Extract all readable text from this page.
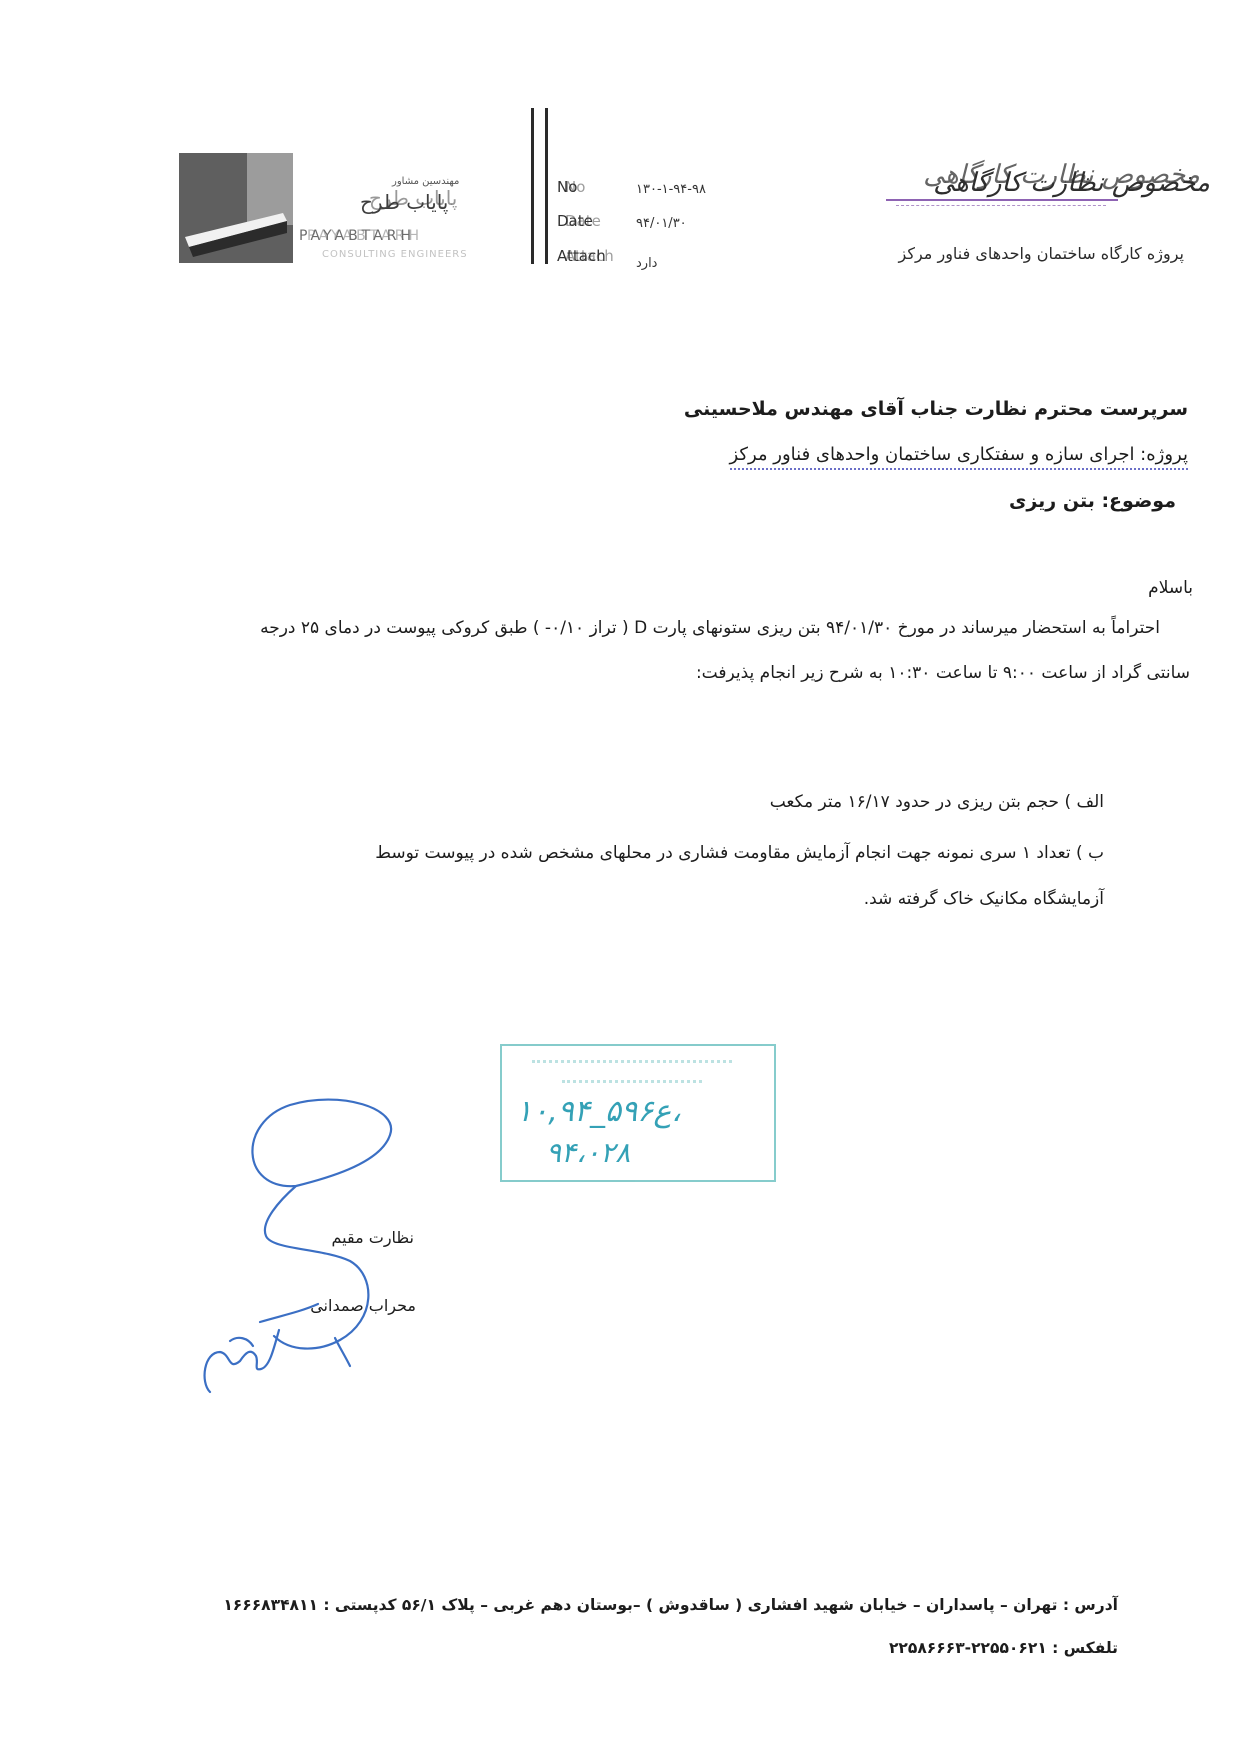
مهندسین مشاور
پایاب طرح
PAYABTARH
CONSULTING ENGINEERS
No
Date
Attach
۱۳۰-۱-۹۴-۹۸
۹۴/۰۱/۳۰
دارد
مخصوص نظارت کارگاهی
پروژه کارگاه ساختمان واحدهای فناور مرکز
سرپرست محترم نظارت جناب آقای مهندس ملاحسینی
پروژه: اجرای سازه و سفتکاری ساختمان واحدهای فناور مرکز
موضوع: بتن ریزی
باسلام
احتراماً به استحضار میرساند در مورخ ۹۴/۰۱/۳۰ بتن ریزی ستونهای پارت D ( تراز ۰/۱۰- ) طبق کروکی پیوست در دمای ۲۵ درجه
سانتی گراد از ساعت ۹:۰۰ تا ساعت ۱۰:۳۰ به شرح زیر انجام پذیرفت:
الف ) حجم بتن ریزی در حدود ۱۶/۱۷ متر مکعب
ب ) تعداد ۱ سری نمونه جهت انجام آزمایش مقاومت فشاری در محلهای مشخص شده در پیوست توسط
آزمایشگاه مکانیک خاک گرفته شد.
۱۰,۹۴_۵۹۶ع،
۹۴،۰۲۸
نظارت مقیم
محراب صمدانی
آدرس : تهران – پاسداران – خیابان شهید افشاری ( ساقدوش ) –بوستان دهم غربی – پلاک ۵۶/۱ کدپستی : ۱۶۶۶۸۳۴۸۱۱
تلفکس : ۲۲۵۵۰۶۲۱-۲۲۵۸۶۶۶۳
